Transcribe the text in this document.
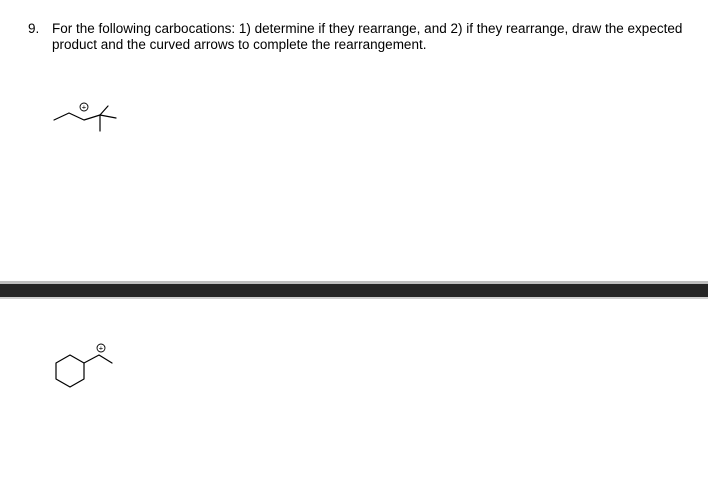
9. For the following carbocations: 1) determine if they rearrange, and 2) if they rearrange, draw the expected product and the curved arrows to complete the rearrangement.
+
+
